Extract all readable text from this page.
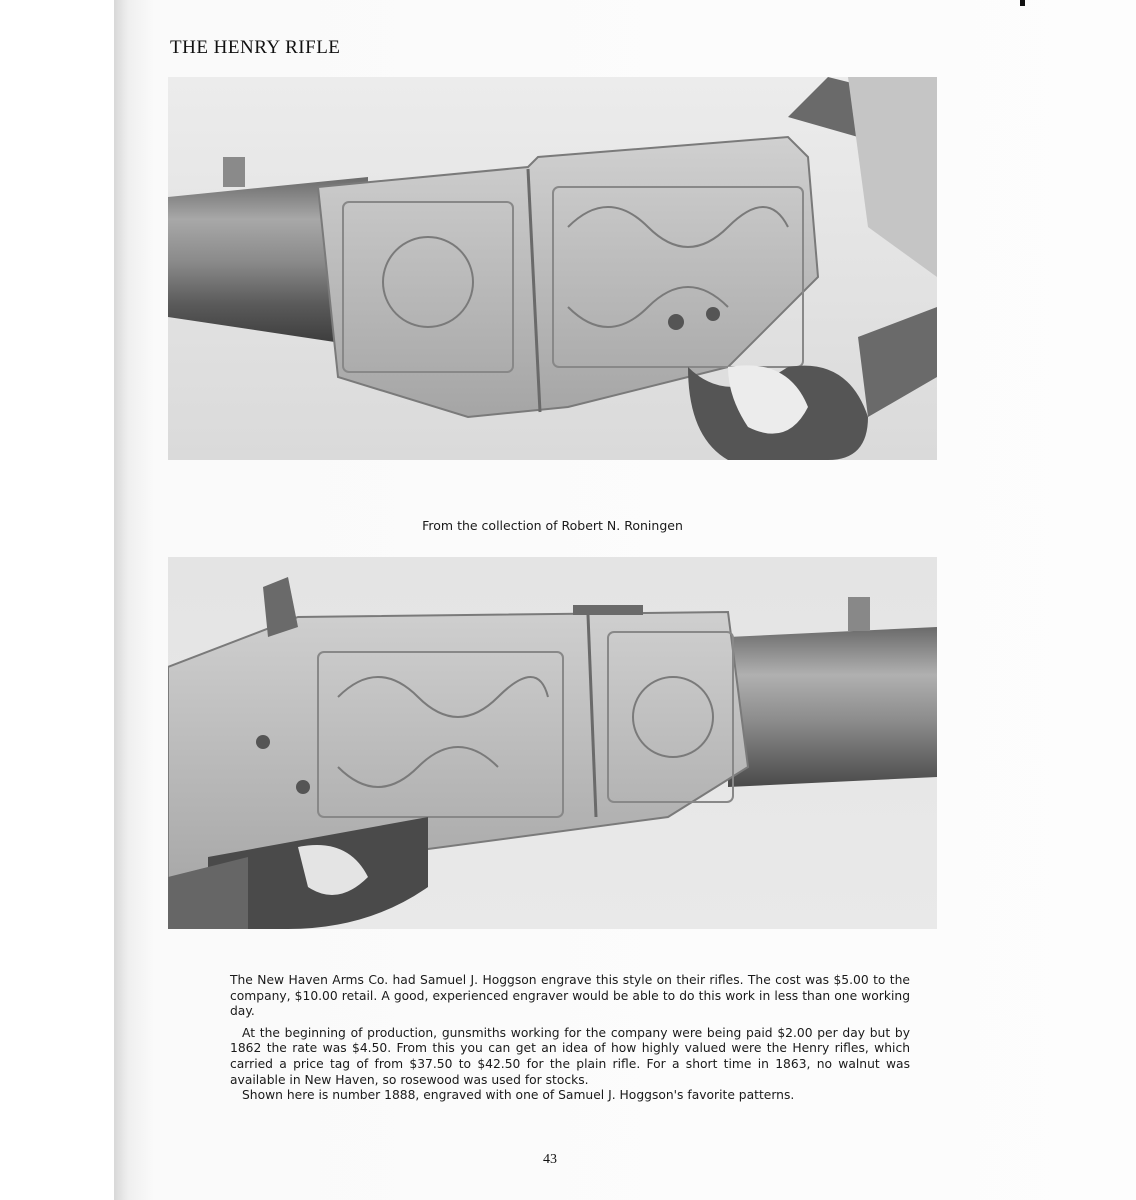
THE HENRY RIFLE
From the collection of Robert N. Roningen

The New Haven Arms Co. had Samuel J. Hoggson engrave this style on their rifles. The cost was $5.00 to the company, $10.00 retail. A good, experienced engraver would be able to do this work in less than one working day.

At the beginning of production, gunsmiths working for the company were being paid $2.00 per day but by 1862 the rate was $4.50. From this you can get an idea of how highly valued were the Henry rifles, which carried a price tag of from $37.50 to $42.50 for the plain rifle. For a short time in 1863, no walnut was available in New Haven, so rosewood was used for stocks.

Shown here is number 1888, engraved with one of Samuel J. Hoggson's favorite patterns.

43
